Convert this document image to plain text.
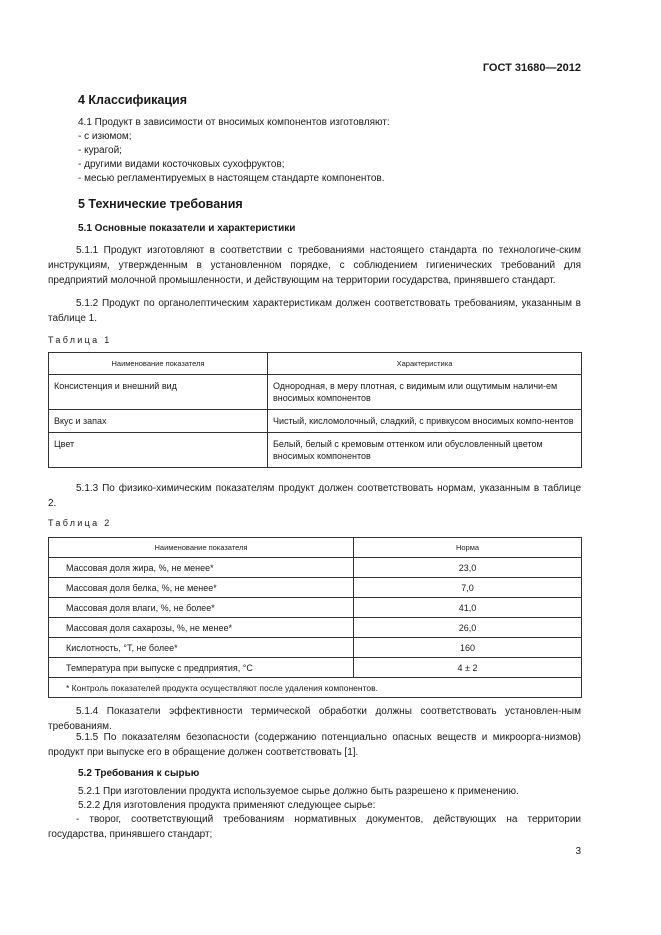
ГОСТ 31680—2012
4 Классификация
4.1 Продукт в зависимости от вносимых компонентов изготовляют:
- с изюмом;
- курагой;
- другими видами косточковых сухофруктов;
- месью регламентируемых в настоящем стандарте компонентов.
5 Технические требования
5.1 Основные показатели и характеристики
5.1.1 Продукт изготовляют в соответствии с требованиями настоящего стандарта по технологиче-ским инструкциям, утвержденным в установленном порядке, с соблюдением гигиенических требований для предприятий молочной промышленности, и действующим на территории государства, принявшего стандарт.
5.1.2 Продукт по органолептическим характеристикам должен соответствовать требованиям, указанным в таблице 1.
Таблица 1
Наименование показателя	Характеристика
Консистенция и внешний вид	Однородная, в меру плотная, с видимым или ощутимым наличи-ем вносимых компонентов
Вкус и запах	Чистый, кисломолочный, сладкий, с привкусом вносимых компо-нентов
Цвет	Белый, белый с кремовым оттенком или обусловленный цветом вносимых компонентов
5.1.3 По физико-химическим показателям продукт должен соответствовать нормам, указанным в таблице 2.
Таблица 2
Наименование показателя	Норма
Массовая доля жира, %, не менее*	23,0
Массовая доля белка, %, не менее*	7,0
Массовая доля влаги, %, не более*	41,0
Массовая доля сахарозы, %, не менее*	26,0
Кислотность, °Т, не более*	160
Температура при выпуске с предприятия, °С	4 ± 2
* Контроль показателей продукта осуществляют после удаления компонентов.	
5.1.4 Показатели эффективности термической обработки должны соответствовать установлен-ным требованиям.
5.1.5 По показателям безопасности (содержанию потенциально опасных веществ и микроорга-низмов) продукт при выпуске его в обращение должен соответствовать [1].
5.2 Требования к сырью
5.2.1 При изготовлении продукта используемое сырье должно быть разрешено к применению.
5.2.2 Для изготовления продукта применяют следующее сырье:
- творог, соответствующий требованиям нормативных документов, действующих на территории государства, принявшего стандарт;
3
